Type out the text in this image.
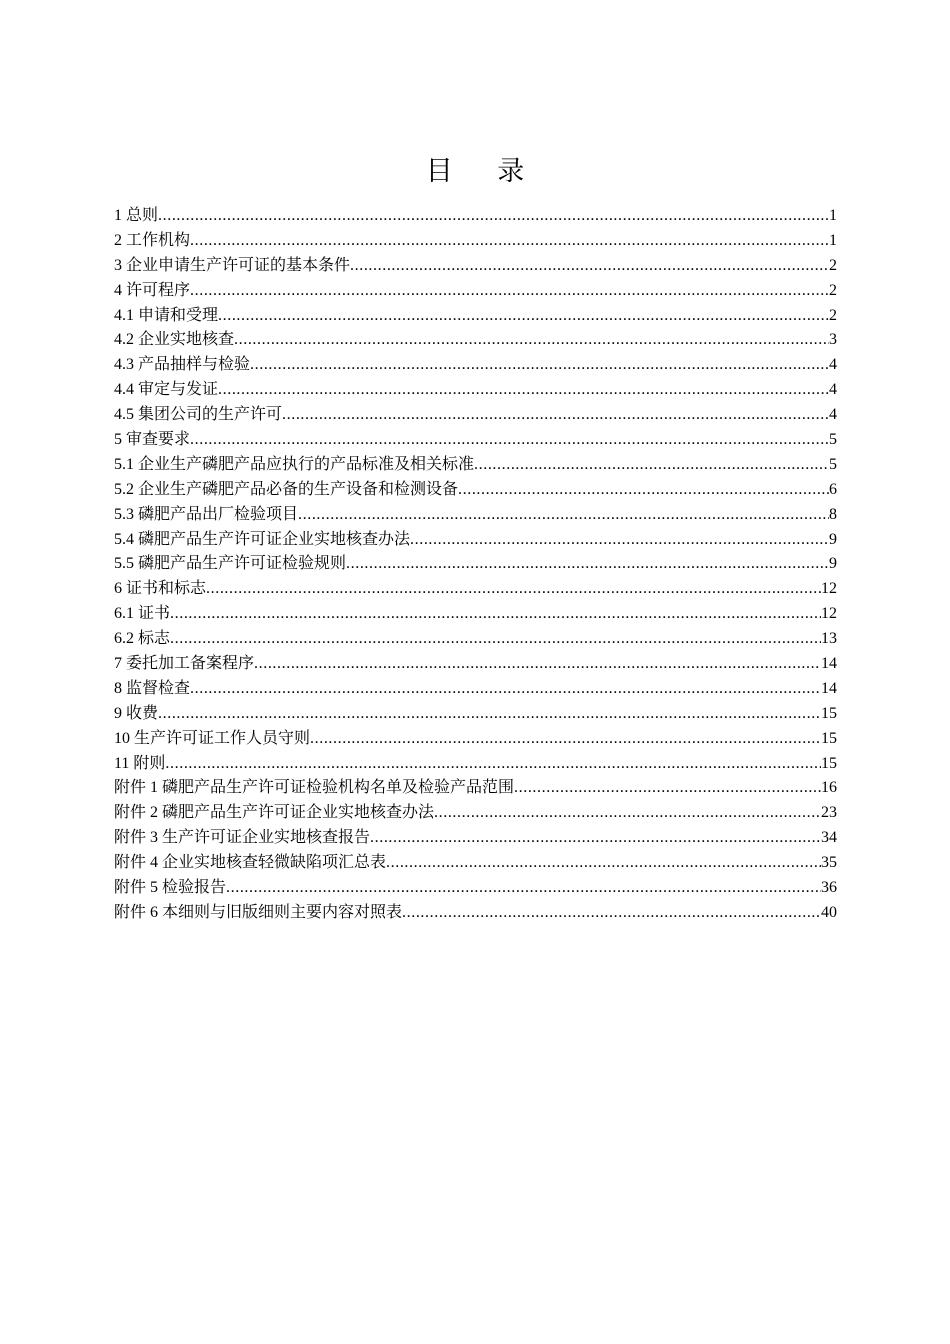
目 录
1 总则 .....	1
2 工作机构 .....	1
3 企业申请生产许可证的基本条件 .....	2
4 许可程序 .....	2
4.1 申请和受理 .....	2
4.2 企业实地核查 .....	3
4.3 产品抽样与检验 .....	4
4.4 审定与发证 .....	4
4.5 集团公司的生产许可 .....	4
5 审查要求 .....	5
5.1 企业生产磷肥产品应执行的产品标准及相关标准 .....	5
5.2 企业生产磷肥产品必备的生产设备和检测设备 .....	6
5.3 磷肥产品出厂检验项目 .....	8
5.4 磷肥产品生产许可证企业实地核查办法 .....	9
5.5 磷肥产品生产许可证检验规则 .....	9
6 证书和标志 .....	12
6.1 证书 .....	12
6.2 标志 .....	13
7 委托加工备案程序 .....	14
8 监督检查 .....	14
9 收费 .....	15
10 生产许可证工作人员守则 .....	15
11 附则 .....	15
附件 1 磷肥产品生产许可证检验机构名单及检验产品范围 .....	16
附件 2 磷肥产品生产许可证企业实地核查办法 .....	23
附件 3 生产许可证企业实地核查报告 .....	34
附件 4 企业实地核查轻微缺陷项汇总表 .....	35
附件 5 检验报告 .....	36
附件 6 本细则与旧版细则主要内容对照表 .....	40
